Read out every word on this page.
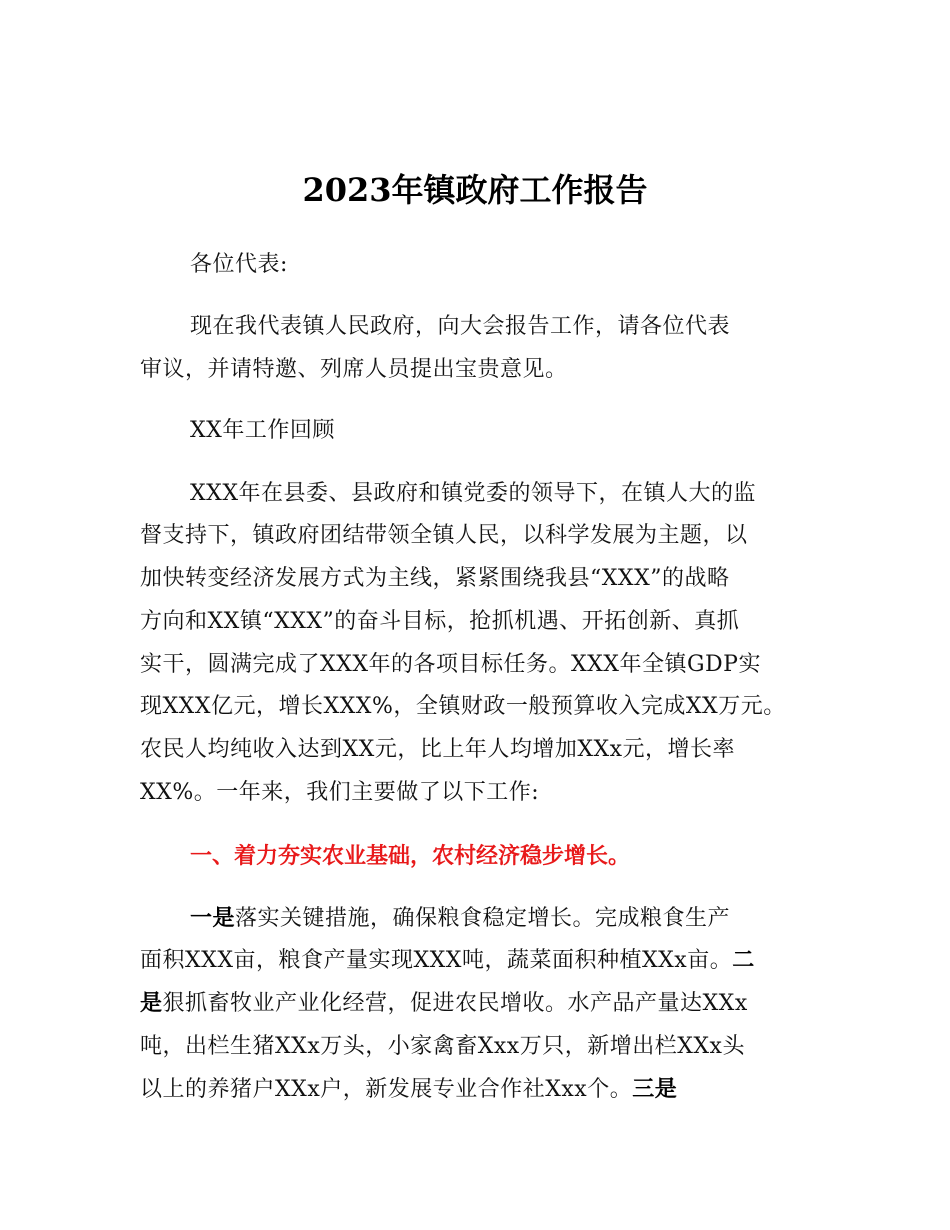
2023年镇政府工作报告
各位代表:
现在我代表镇人民政府，向大会报告工作，请各位代表
审议，并请特邀、列席人员提出宝贵意见。
XX年工作回顾
XXX年在县委、县政府和镇党委的领导下，在镇人大的监
督支持下，镇政府团结带领全镇人民，以科学发展为主题，以
加快转变经济发展方式为主线，紧紧围绕我县“XXX”的战略
方向和XX镇“XXX”的奋斗目标，抢抓机遇、开拓创新、真抓
实干，圆满完成了XXX年的各项目标任务。XXX年全镇GDP实
现XXX亿元，增长XXX%，全镇财政一般预算收入完成XX万元。
农民人均纯收入达到XX元，比上年人均增加XXx元，增长率
XX%。一年来，我们主要做了以下工作:
一、着力夯实农业基础，农村经济稳步增长。
一是落实关键措施，确保粮食稳定增长。完成粮食生产
面积XXX亩，粮食产量实现XXX吨，蔬菜面积种植XXx亩。二
是狠抓畜牧业产业化经营，促进农民增收。水产品产量达XXx
吨，出栏生猪XXx万头，小家禽畜Xxx万只，新增出栏XXx头
以上的养猪户XXx户，新发展专业合作社Xxx个。三是
